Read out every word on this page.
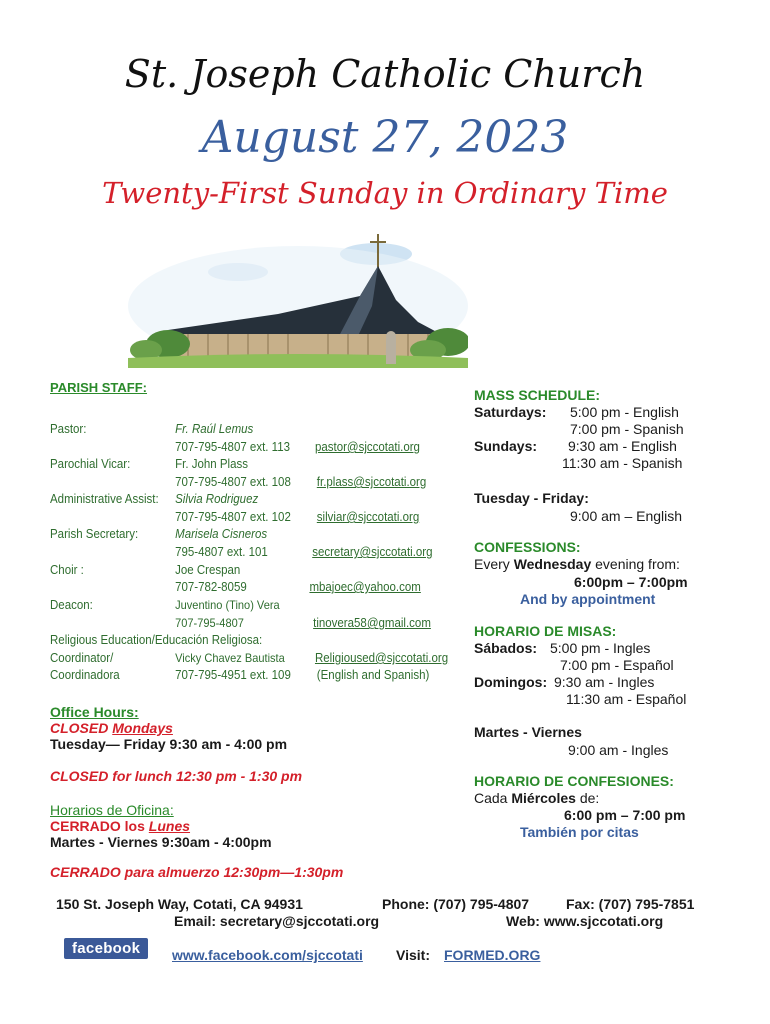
St. Joseph Catholic Church
August 27, 2023
Twenty-First Sunday in Ordinary Time
PARISH STAFF:
Pastor:	Fr. Raúl Lemus
707-795-4807 ext. 113 pastor@sjccotati.org
Parochial Vicar:	Fr. John Plass
707-795-4807 ext. 108 fr.plass@sjccotati.org
Administrative Assist: Silvia Rodriguez
707-795-4807 ext. 102 silviar@sjccotati.org
Parish Secretary:	Marisela Cisneros
795-4807 ext. 101	secretary@sjccotati.org
Choir :	Joe Crespan
707-782-8059	mbajoec@yahoo.com
Deacon:	Juventino (Tino) Vera
707-795-4807	tinovera58@gmail.com
Religious Education/Educación Religiosa:
Coordinator/	Vicky Chavez Bautista Religioused@sjccotati.org
Coordinadora	707-795-4951 ext. 109 (English and Spanish)
Office Hours:
CLOSED Mondays
Tuesday— Friday 9:30 am - 4:00 pm
CLOSED for lunch 12:30 pm - 1:30 pm
Horarios de Oficina:
CERRADO los Lunes
Martes - Viernes 9:30am - 4:00pm
CERRADO para almuerzo 12:30pm—1:30pm
MASS SCHEDULE:
Saturdays: 5:00 pm - English
7:00 pm - Spanish
Sundays: 9:30 am - English
11:30 am - Spanish
Tuesday - Friday:
9:00 am – English
CONFESSIONS:
Every Wednesday evening from:
6:00pm – 7:00pm
And by appointment
HORARIO DE MISAS:
Sábados: 5:00 pm - Ingles
7:00 pm - Español
Domingos: 9:30 am - Ingles
11:30 am - Español
Martes - Viernes
9:00 am - Ingles
HORARIO DE CONFESIONES:
Cada Miércoles de:
6:00 pm – 7:00 pm
También por citas
150 St. Joseph Way, Cotati, CA 94931	Phone: (707) 795-4807	Fax: (707) 795-7851
Email: secretary@sjccotati.org	Web: www.sjccotati.org
facebook	www.facebook.com/sjccotati Visit: FORMED.ORG
